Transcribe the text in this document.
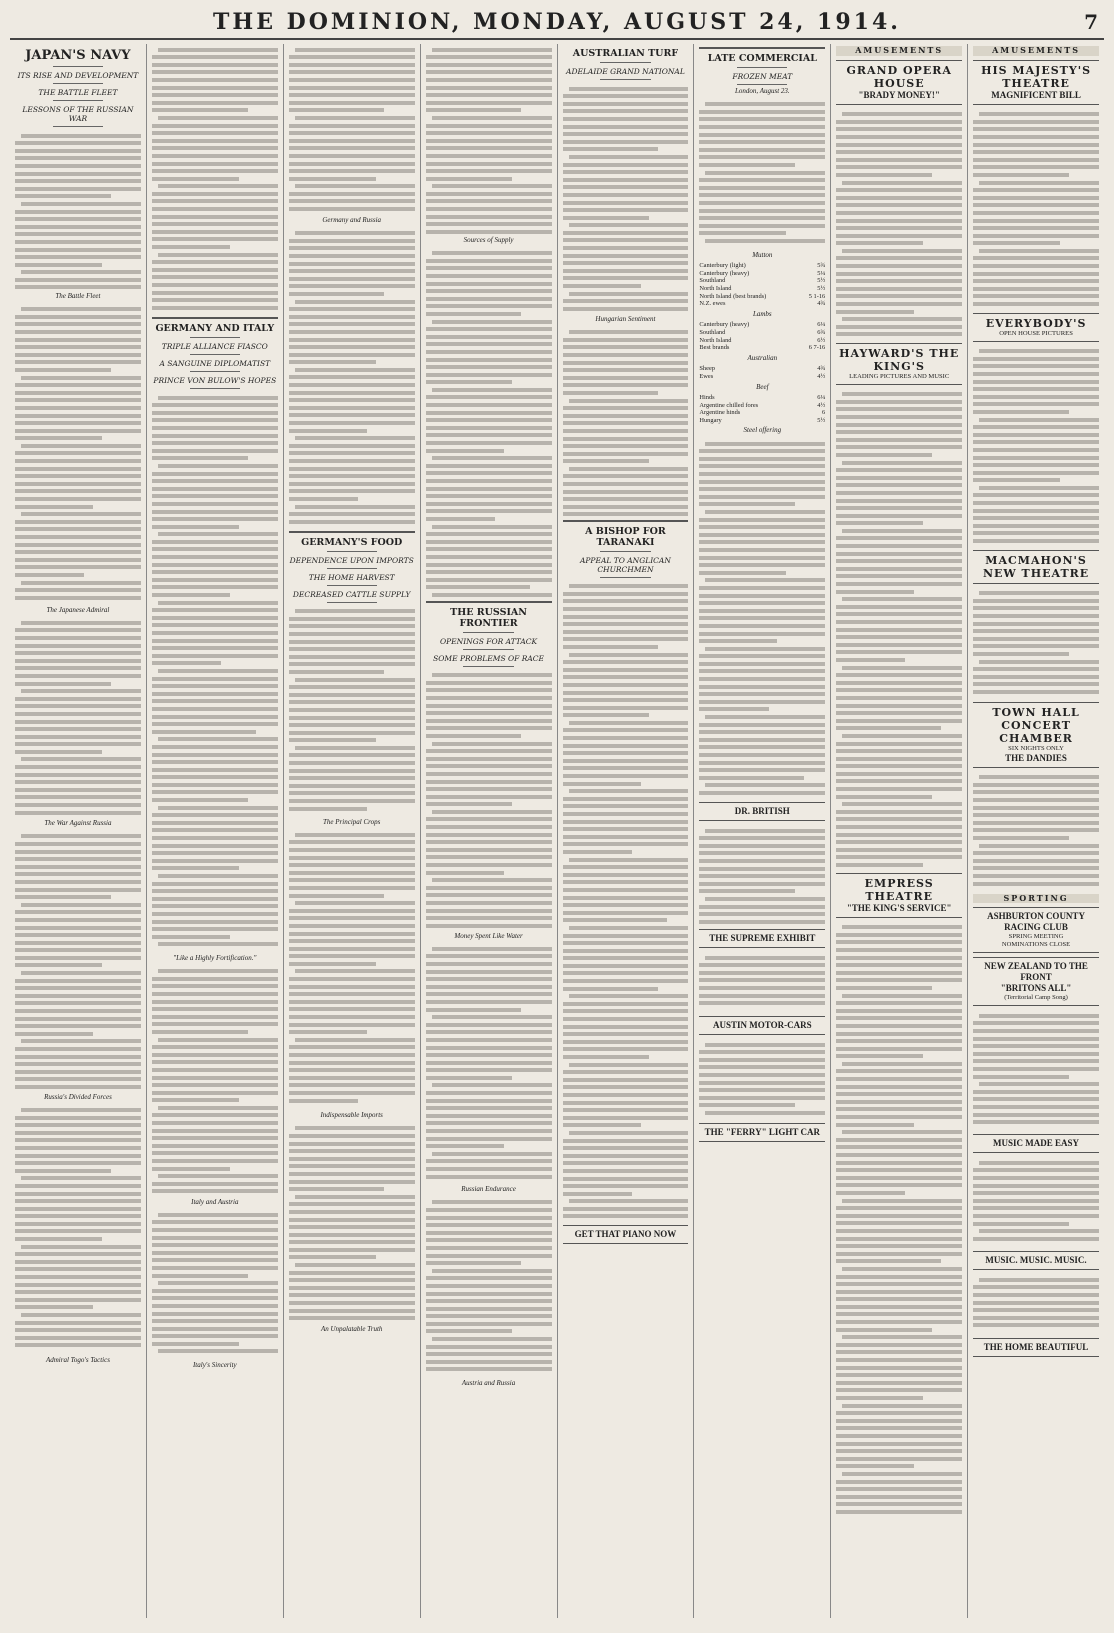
THE DOMINION, MONDAY, AUGUST 24, 1914.	7
JAPAN'S NAVY
ITS RISE AND DEVELOPMENT
THE BATTLE FLEET
LESSONS OF THE RUSSIAN WAR
The Battle Fleet
The Japanese Admiral
The War Against Russia
Russia's Divided Forces
Admiral Togo's Tactics
GERMANY AND ITALY
TRIPLE ALLIANCE FIASCO
A SANGUINE DIPLOMATIST
PRINCE VON BULOW'S HOPES
"Like a Highly Fortification."
Italy and Austria
Italy's Sincerity
Germany and Russia
GERMANY'S FOOD
DEPENDENCE UPON IMPORTS
THE HOME HARVEST
DECREASED CATTLE SUPPLY
The Principal Crops
Indispensable Imports
An Unpalatable Truth
Sources of Supply
THE RUSSIAN FRONTIER
OPENINGS FOR ATTACK
SOME PROBLEMS OF RACE
Money Spent Like Water
Russian Endurance
Austria and Russia
AUSTRALIAN TURF
ADELAIDE GRAND NATIONAL
Hungarian Sentiment
A BISHOP FOR TARANAKI
APPEAL TO ANGLICAN CHURCHMEN
GET THAT PIANO NOW
LATE COMMERCIAL
FROZEN MEAT
London, August 23.
Mutton
Canterbury (light)	5¾
Canterbury (heavy)	5¼
Southland	5½
North Island	5½
North Island (best brands)	5 1-16
N.Z. ewes	4¾
Lambs
Canterbury (heavy)	6¼
Southland	6¾
North Island	6½
Best brands	6 7-16
Australian
Sheep	4¾
Ewes	4½
Beef
Hinds	6¼
Argentine chilled fores	4½
Argentine hinds	6
Hungary	5½
Steel offering
DR. BRITISH
THE SUPREME EXHIBIT
AUSTIN MOTOR-CARS
THE "FERRY" LIGHT CAR
AMUSEMENTS
GRAND OPERA HOUSE
"BRADY MONEY!"
HAYWARD'S THE KING'S
LEADING PICTURES AND MUSIC
EMPRESS THEATRE
"THE KING'S SERVICE"
AMUSEMENTS
HIS MAJESTY'S THEATRE
MAGNIFICENT BILL
EVERYBODY'S
OPEN HOUSE PICTURES
MACMAHON'S NEW THEATRE
TOWN HALL CONCERT CHAMBER
SIX NIGHTS ONLY
THE DANDIES
SPORTING
ASHBURTON COUNTY RACING CLUB
SPRING MEETING
NOMINATIONS CLOSE
NEW ZEALAND TO THE FRONT
"BRITONS ALL"
(Territorial Camp Song)
MUSIC MADE EASY
MUSIC. MUSIC. MUSIC.
THE HOME BEAUTIFUL
